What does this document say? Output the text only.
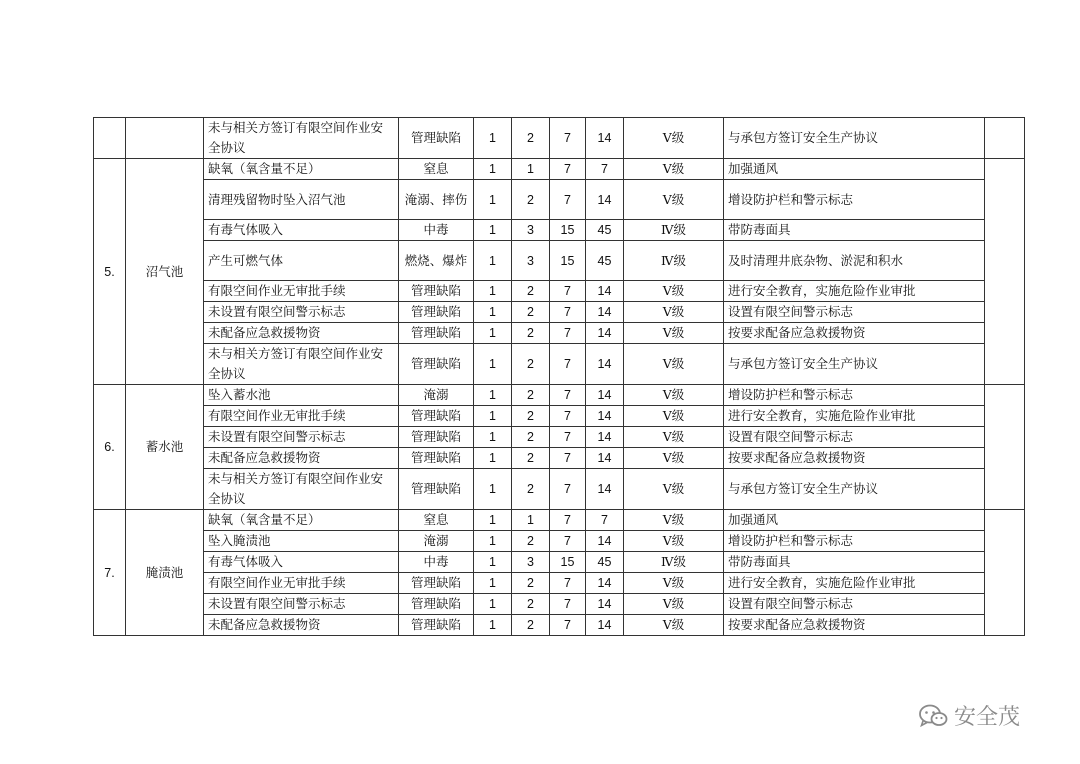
		未与相关方签订有限空间作业安全协议	管理缺陷	1	2	7	14	Ⅴ级	与承包方签订安全生产协议	
5.	沼气池	缺氧（氧含量不足）	窒息	1	1	7	7	Ⅴ级	加强通风	
		清理残留物时坠入沼气池	淹溺、摔伤	1	2	7	14	Ⅴ级	增设防护栏和警示标志	
		有毒气体吸入	中毒	1	3	15	45	Ⅳ级	带防毒面具	
		产生可燃气体	燃烧、爆炸	1	3	15	45	Ⅳ级	及时清理井底杂物、淤泥和积水	
		有限空间作业无审批手续	管理缺陷	1	2	7	14	Ⅴ级	进行安全教育，实施危险作业审批	
		未设置有限空间警示标志	管理缺陷	1	2	7	14	Ⅴ级	设置有限空间警示标志	
		未配备应急救援物资	管理缺陷	1	2	7	14	Ⅴ级	按要求配备应急救援物资	
		未与相关方签订有限空间作业安全协议	管理缺陷	1	2	7	14	Ⅴ级	与承包方签订安全生产协议	
6.	蓄水池	坠入蓄水池	淹溺	1	2	7	14	Ⅴ级	增设防护栏和警示标志	
		有限空间作业无审批手续	管理缺陷	1	2	7	14	Ⅴ级	进行安全教育，实施危险作业审批	
		未设置有限空间警示标志	管理缺陷	1	2	7	14	Ⅴ级	设置有限空间警示标志	
		未配备应急救援物资	管理缺陷	1	2	7	14	Ⅴ级	按要求配备应急救援物资	
		未与相关方签订有限空间作业安全协议	管理缺陷	1	2	7	14	Ⅴ级	与承包方签订安全生产协议	
7.	腌渍池	缺氧（氧含量不足）	窒息	1	1	7	7	Ⅴ级	加强通风	
		坠入腌渍池	淹溺	1	2	7	14	Ⅴ级	增设防护栏和警示标志	
		有毒气体吸入	中毒	1	3	15	45	Ⅳ级	带防毒面具	
		有限空间作业无审批手续	管理缺陷	1	2	7	14	Ⅴ级	进行安全教育，实施危险作业审批	
		未设置有限空间警示标志	管理缺陷	1	2	7	14	Ⅴ级	设置有限空间警示标志	
		未配备应急救援物资	管理缺陷	1	2	7	14	Ⅴ级	按要求配备应急救援物资	
安全茂
